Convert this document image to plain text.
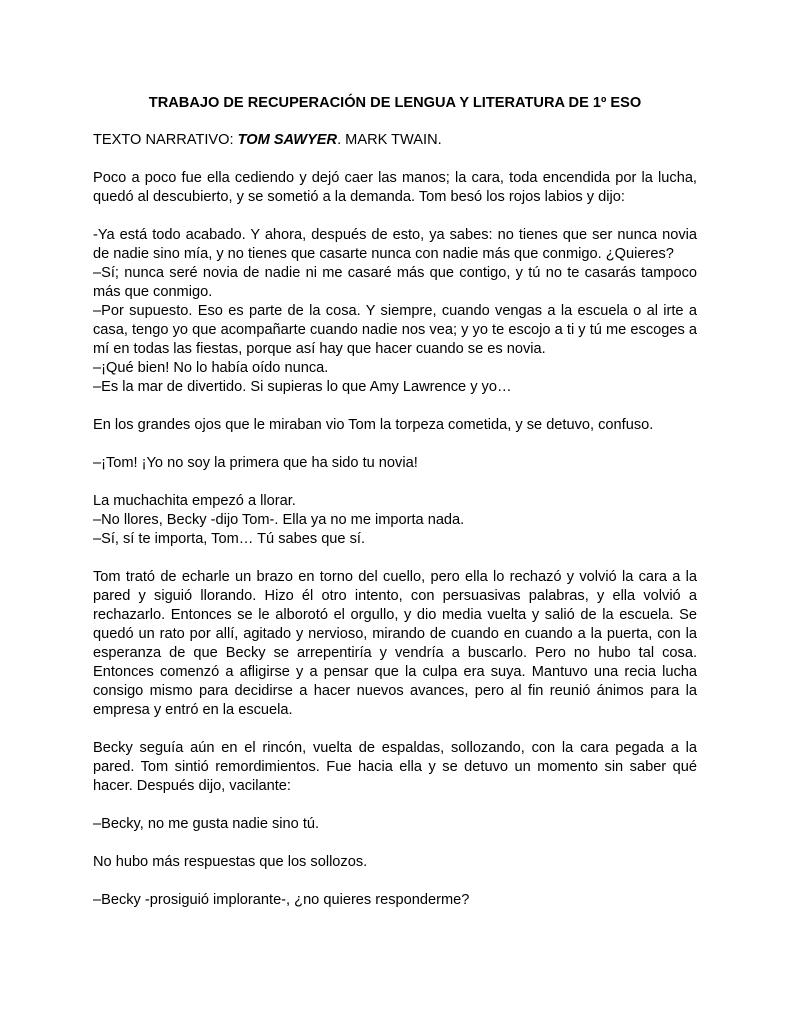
TRABAJO DE RECUPERACIÓN DE LENGUA Y LITERATURA DE 1º ESO
TEXTO NARRATIVO: TOM SAWYER. MARK TWAIN.

Poco a poco fue ella cediendo y dejó caer las manos; la cara, toda encendida por la lucha, quedó al descubierto, y se sometió a la demanda. Tom besó los rojos labios y dijo:

-Ya está todo acabado. Y ahora, después de esto, ya sabes: no tienes que ser nunca novia de nadie sino mía, y no tienes que casarte nunca con nadie más que conmigo. ¿Quieres?
–Sí; nunca seré novia de nadie ni me casaré más que contigo, y tú no te casarás tampoco más que conmigo.
–Por supuesto. Eso es parte de la cosa. Y siempre, cuando vengas a la escuela o al irte a casa, tengo yo que acompañarte cuando nadie nos vea; y yo te escojo a ti y tú me escoges a mí en todas las fiestas, porque así hay que hacer cuando se es novia.
–¡Qué bien! No lo había oído nunca.
–Es la mar de divertido. Si supieras lo que Amy Lawrence y yo…

En los grandes ojos que le miraban vio Tom la torpeza cometida, y se detuvo, confuso.

–¡Tom! ¡Yo no soy la primera que ha sido tu novia!

La muchachita empezó a llorar.
–No llores, Becky -dijo Tom-. Ella ya no me importa nada.
–Sí, sí te importa, Tom… Tú sabes que sí.

Tom trató de echarle un brazo en torno del cuello, pero ella lo rechazó y volvió la cara a la pared y siguió llorando. Hizo él otro intento, con persuasivas palabras, y ella volvió a rechazarlo. Entonces se le alborotó el orgullo, y dio media vuelta y salió de la escuela. Se quedó un rato por allí, agitado y nervioso, mirando de cuando en cuando a la puerta, con la esperanza de que Becky se arrepentiría y vendría a buscarlo. Pero no hubo tal cosa. Entonces comenzó a afligirse y a pensar que la culpa era suya. Mantuvo una recia lucha consigo mismo para decidirse a hacer nuevos avances, pero al fin reunió ánimos para la empresa y entró en la escuela.

Becky seguía aún en el rincón, vuelta de espaldas, sollozando, con la cara pegada a la pared. Tom sintió remordimientos. Fue hacia ella y se detuvo un momento sin saber qué hacer. Después dijo, vacilante:

–Becky, no me gusta nadie sino tú.

No hubo más respuestas que los sollozos.

–Becky -prosiguió implorante-, ¿no quieres responderme?
